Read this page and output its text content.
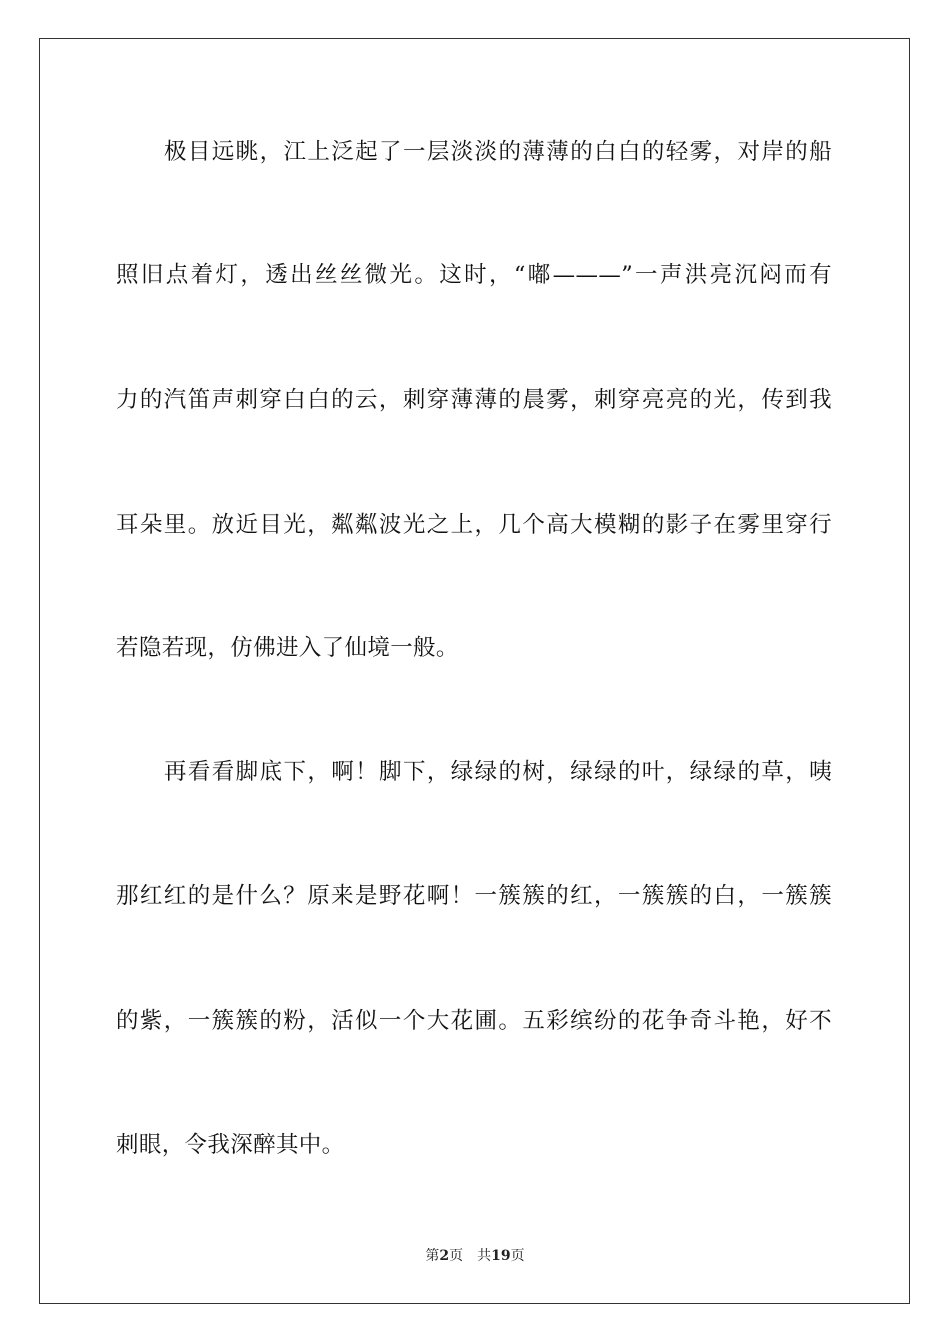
极目远眺，江上泛起了一层淡淡的薄薄的白白的轻雾，对岸的船
照旧点着灯，透出丝丝微光。这时，“嘟———”一声洪亮沉闷而有
力的汽笛声刺穿白白的云，刺穿薄薄的晨雾，刺穿亮亮的光，传到我
耳朵里。放近目光，粼粼波光之上，几个高大模糊的影子在雾里穿行
若隐若现，仿佛进入了仙境一般。
再看看脚底下，啊！脚下，绿绿的树，绿绿的叶，绿绿的草，咦
那红红的是什么？原来是野花啊！一簇簇的红，一簇簇的白，一簇簇
的紫，一簇簇的粉，活似一个大花圃。五彩缤纷的花争奇斗艳，好不
刺眼，令我深醉其中。
第2页 共19页
